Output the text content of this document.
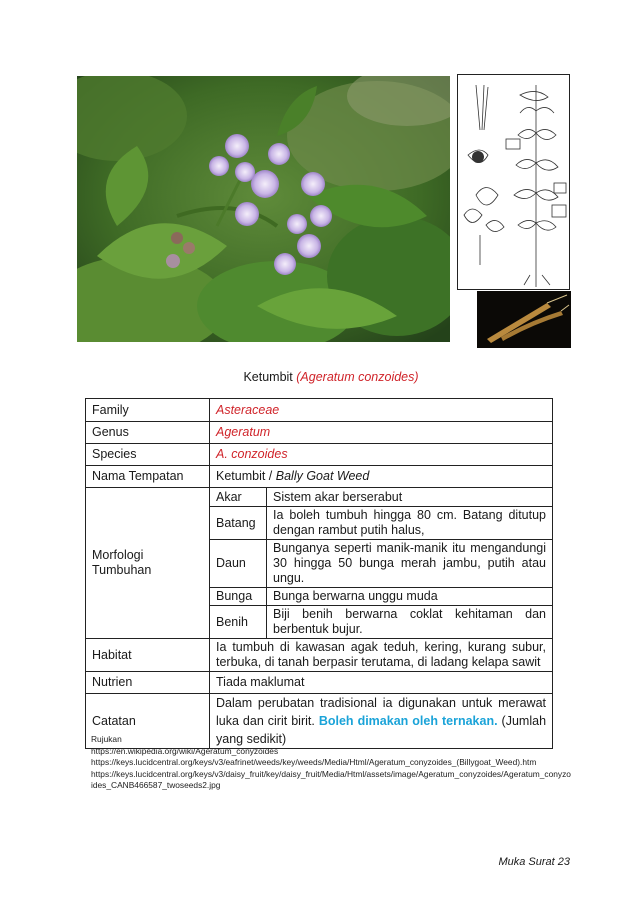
Ketumbit (Ageratum conzoides)
Family	Asteraceae	
Genus	Ageratum	
Species	A. conzoides	
Nama Tempatan	Ketumbit / Bally Goat Weed	
Morfologi Tumbuhan	Akar	Sistem akar berserabut
	Batang	Ia boleh tumbuh hingga 80 cm. Batang ditutup dengan rambut putih halus,
	Daun	Bunganya seperti manik-manik itu mengandungi 30 hingga 50 bunga merah jambu, putih atau ungu.
	Bunga	Bunga berwarna unggu muda
	Benih	Biji benih berwarna coklat kehitaman dan berbentuk bujur.
Habitat	Ia tumbuh di kawasan agak teduh, kering, kurang subur, terbuka, di tanah berpasir terutama, di ladang kelapa sawit	
Nutrien	Tiada maklumat	
Catatan	Dalam perubatan tradisional ia digunakan untuk merawat luka dan cirit birit. Boleh dimakan oleh ternakan. (Jumlah yang sedikit)	
Rujukan
https://en.wikipedia.org/wiki/Ageratum_conyzoides
https://keys.lucidcentral.org/keys/v3/eafrinet/weeds/key/weeds/Media/Html/Ageratum_conyzoides_(Billygoat_Weed).htm
https://keys.lucidcentral.org/keys/v3/daisy_fruit/key/daisy_fruit/Media/Html/assets/image/Ageratum_conyzoides/Ageratum_conyzoides_CANB466587_twoseeds2.jpg
Muka Surat 23
